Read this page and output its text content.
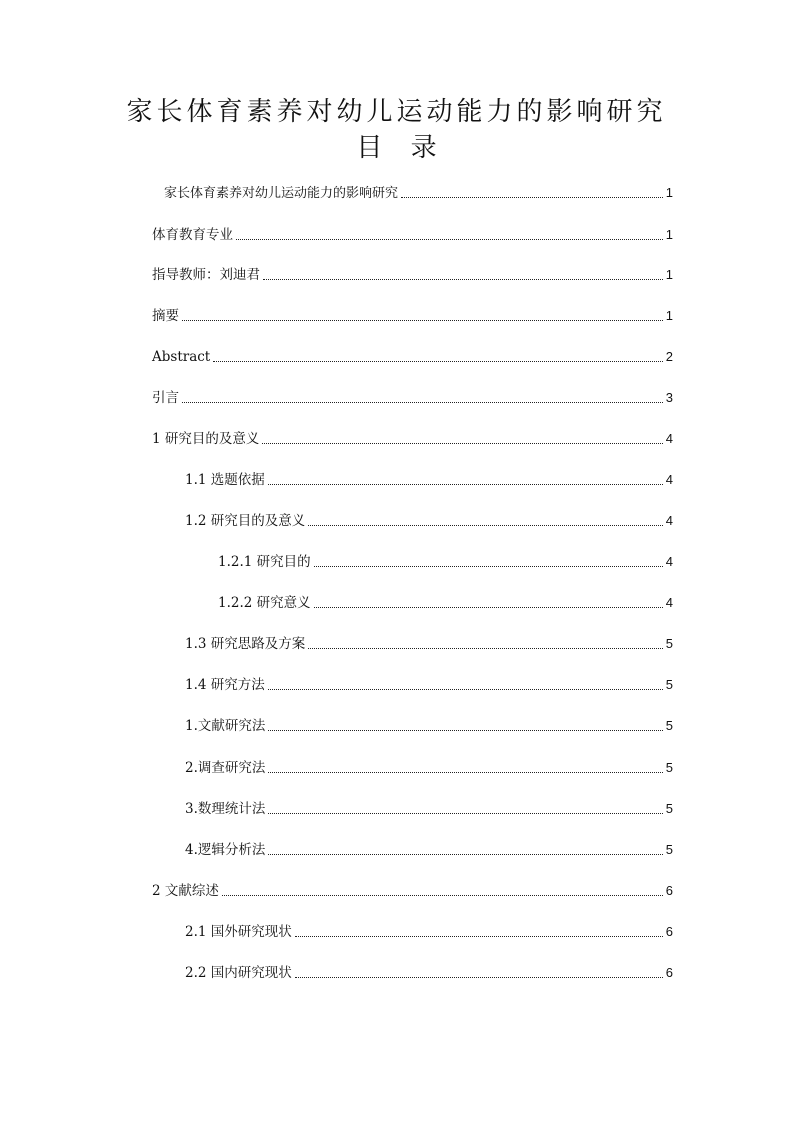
家长体育素养对幼儿运动能力的影响研究
目 录
家长体育素养对幼儿运动能力的影响研究	1
体育教育专业	1
指导教师：刘迪君	1
摘要	1
Abstract	2
引言	3
1 研究目的及意义	4
1.1 选题依据	4
1.2 研究目的及意义	4
1.2.1 研究目的	4
1.2.2 研究意义	4
1.3 研究思路及方案	5
1.4 研究方法	5
1.文献研究法	5
2.调查研究法	5
3.数理统计法	5
4.逻辑分析法	5
2 文献综述	6
2.1 国外研究现状	6
2.2 国内研究现状	6
